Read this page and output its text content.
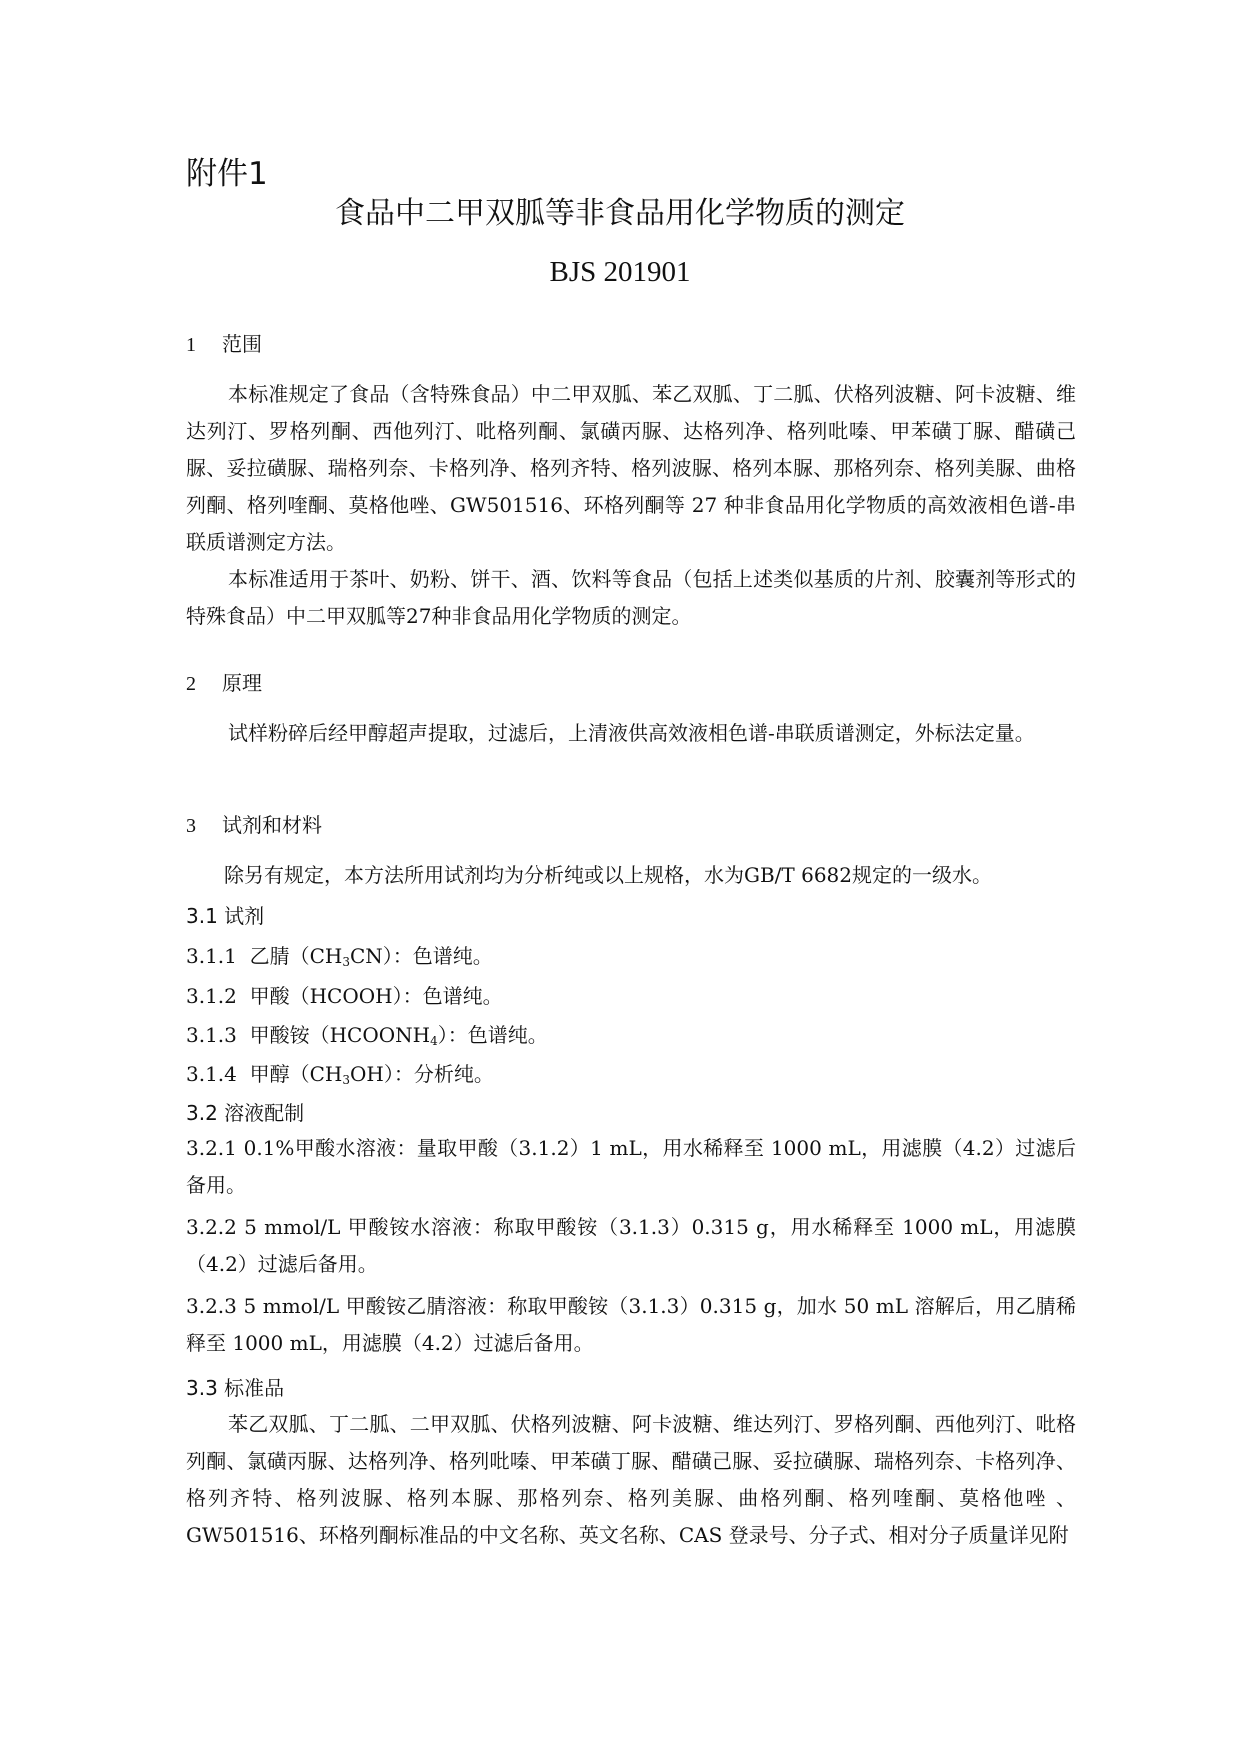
附件1
食品中二甲双胍等非食品用化学物质的测定
BJS 201901
1 范围
本标准规定了食品（含特殊食品）中二甲双胍、苯乙双胍、丁二胍、伏格列波糖、阿卡波糖、维达列汀、罗格列酮、西他列汀、吡格列酮、氯磺丙脲、达格列净、格列吡嗪、甲苯磺丁脲、醋磺己脲、妥拉磺脲、瑞格列奈、卡格列净、格列齐特、格列波脲、格列本脲、那格列奈、格列美脲、曲格列酮、格列喹酮、莫格他唑、GW501516、环格列酮等 27 种非食品用化学物质的高效液相色谱-串联质谱测定方法。
本标准适用于茶叶、奶粉、饼干、酒、饮料等食品（包括上述类似基质的片剂、胶囊剂等形式的特殊食品）中二甲双胍等27种非食品用化学物质的测定。
2 原理
试样粉碎后经甲醇超声提取，过滤后，上清液供高效液相色谱-串联质谱测定，外标法定量。
3 试剂和材料
除另有规定，本方法所用试剂均为分析纯或以上规格，水为GB/T 6682规定的一级水。
3.1 试剂
3.1.1 乙腈$(CH_3CN)$：色谱纯。
3.1.2 甲酸（HCOOH）：色谱纯。
3.1.3 甲酸铵$(HCOONH_4)$：色谱纯。
3.1.4 甲醇$(CH_3OH)$：分析纯。
3.2 溶液配制
3.2.1 0.1%甲酸水溶液：量取甲酸（3.1.2）1 mL，用水稀释至 1000 mL，用滤膜（4.2）过滤后备用。
3.2.2 5 mmol/L 甲酸铵水溶液：称取甲酸铵（3.1.3）0.315 g，用水稀释至 1000 mL，用滤膜（4.2）过滤后备用。
3.2.3 5 mmol/L 甲酸铵乙腈溶液：称取甲酸铵（3.1.3）0.315 g，加水 50 mL 溶解后，用乙腈稀释至 1000 mL，用滤膜（4.2）过滤后备用。
3.3 标准品
苯乙双胍、丁二胍、二甲双胍、伏格列波糖、阿卡波糖、维达列汀、罗格列酮、西他列汀、吡格列酮、氯磺丙脲、达格列净、格列吡嗪、甲苯磺丁脲、醋磺己脲、妥拉磺脲、瑞格列奈、卡格列净、格列齐特、格列波脲、格列本脲、那格列奈、格列美脲、曲格列酮、格列喹酮、莫格他唑 、GW501516、环格列酮标准品的中文名称、英文名称、CAS 登录号、分子式、相对分子质量详见附
